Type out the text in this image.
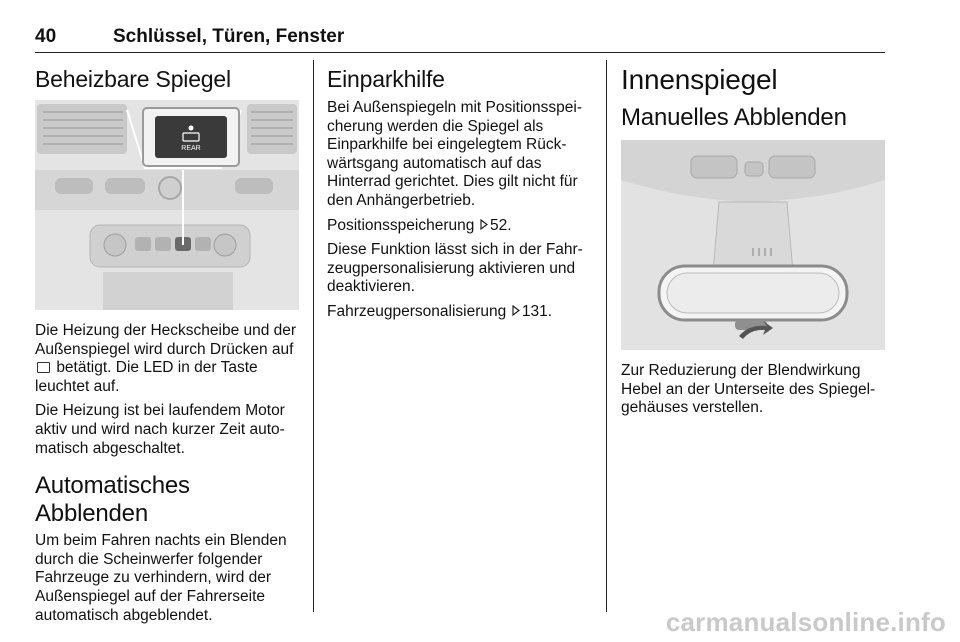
40	Schlüssel, Türen, Fenster
Beheizbare Spiegel
REAR

Die Heizung der Heckscheibe und der Außenspiegel wird durch Drücken auf  betätigt. Die LED in der Taste leuchtet auf.

Die Heizung ist bei laufendem Motor aktiv und wird nach kurzer Zeit auto-matisch abgeschaltet.

Automatisches Abblenden

Um beim Fahren nachts ein Blenden durch die Scheinwerfer folgender Fahrzeuge zu verhindern, wird der Außenspiegel auf der Fahrerseite automatisch abgeblendet.

Einparkhilfe

Bei Außenspiegeln mit Positionsspei-cherung werden die Spiegel als Einparkhilfe bei eingelegtem Rück-wärtsgang automatisch auf das Hinterrad gerichtet. Dies gilt nicht für den Anhängerbetrieb.

Positionsspeicherung 52.

Diese Funktion lässt sich in der Fahr-zeugpersonalisierung aktivieren und deaktivieren.

Fahrzeugpersonalisierung 131.

Innenspiegel
Manuelles Abblenden

Zur Reduzierung der Blendwirkung Hebel an der Unterseite des Spiegel-gehäuses verstellen.

carmanualsonline.info
